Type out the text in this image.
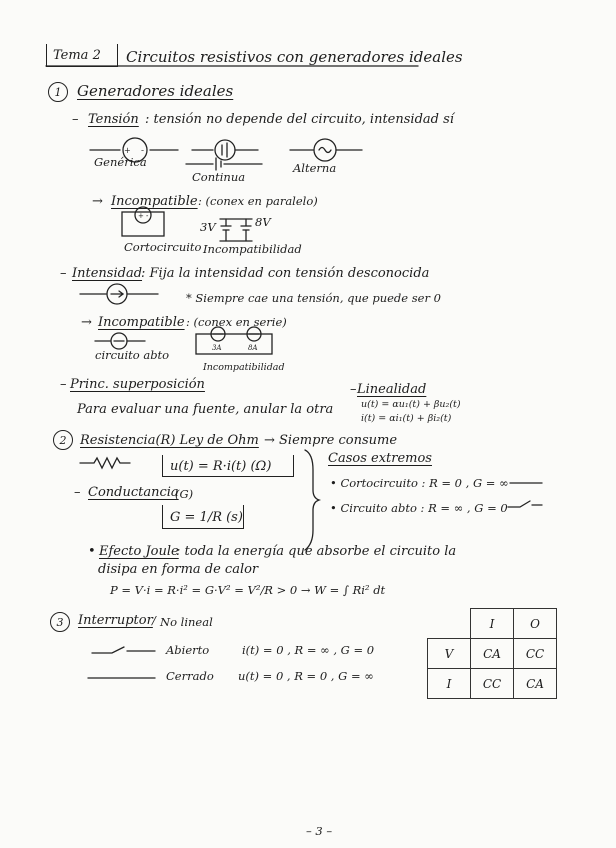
Tema 2 Circuitos resistivos con generadores ideales
1	Generadores ideales
– Tensión : tensión no depende del circuito, intensidad sí
+ -
Genérica
Continua
Alterna
→ Incompatible : (conex en paralelo)
+ -
3V	8V
Cortocircuito Incompatibilidad
– Intensidad
: Fija la intensidad con tensión desconocida
* Siempre cae una tensión, que puede ser 0
→ Incompatible : (conex en serie)
3A	8A
circuito abto
Incompatibilidad
– Princ. superposición
Para evaluar una fuente, anular la otra
– Linealidad
u(t) = αu₁(t) + βu₂(t)
i(t) = αi₁(t) + βi₂(t)
2	Resistencia(R) Ley de Ohm → Siempre consume
u(t) = R·i(t) (Ω)
– Conductancia
(G)
G = 1/R (s)
Casos extremos
• Cortocircuito : R = 0 , G = ∞
• Circuito abto : R = ∞ , G = 0
• Efecto Joule
: toda la energía que absorbe el circuito la
disipa en forma de calor
P = V·i = R·i² = G·V² = V²/R > 0 → W = ∫ Ri² dt
3	Interruptor / No lineal
Abierto	i(t) = 0 , R = ∞ , G = 0
Cerrado u(t) = 0 , R = 0 , G = ∞
	I	O
V	CA	CC
I	CC	CA
– 3 –
